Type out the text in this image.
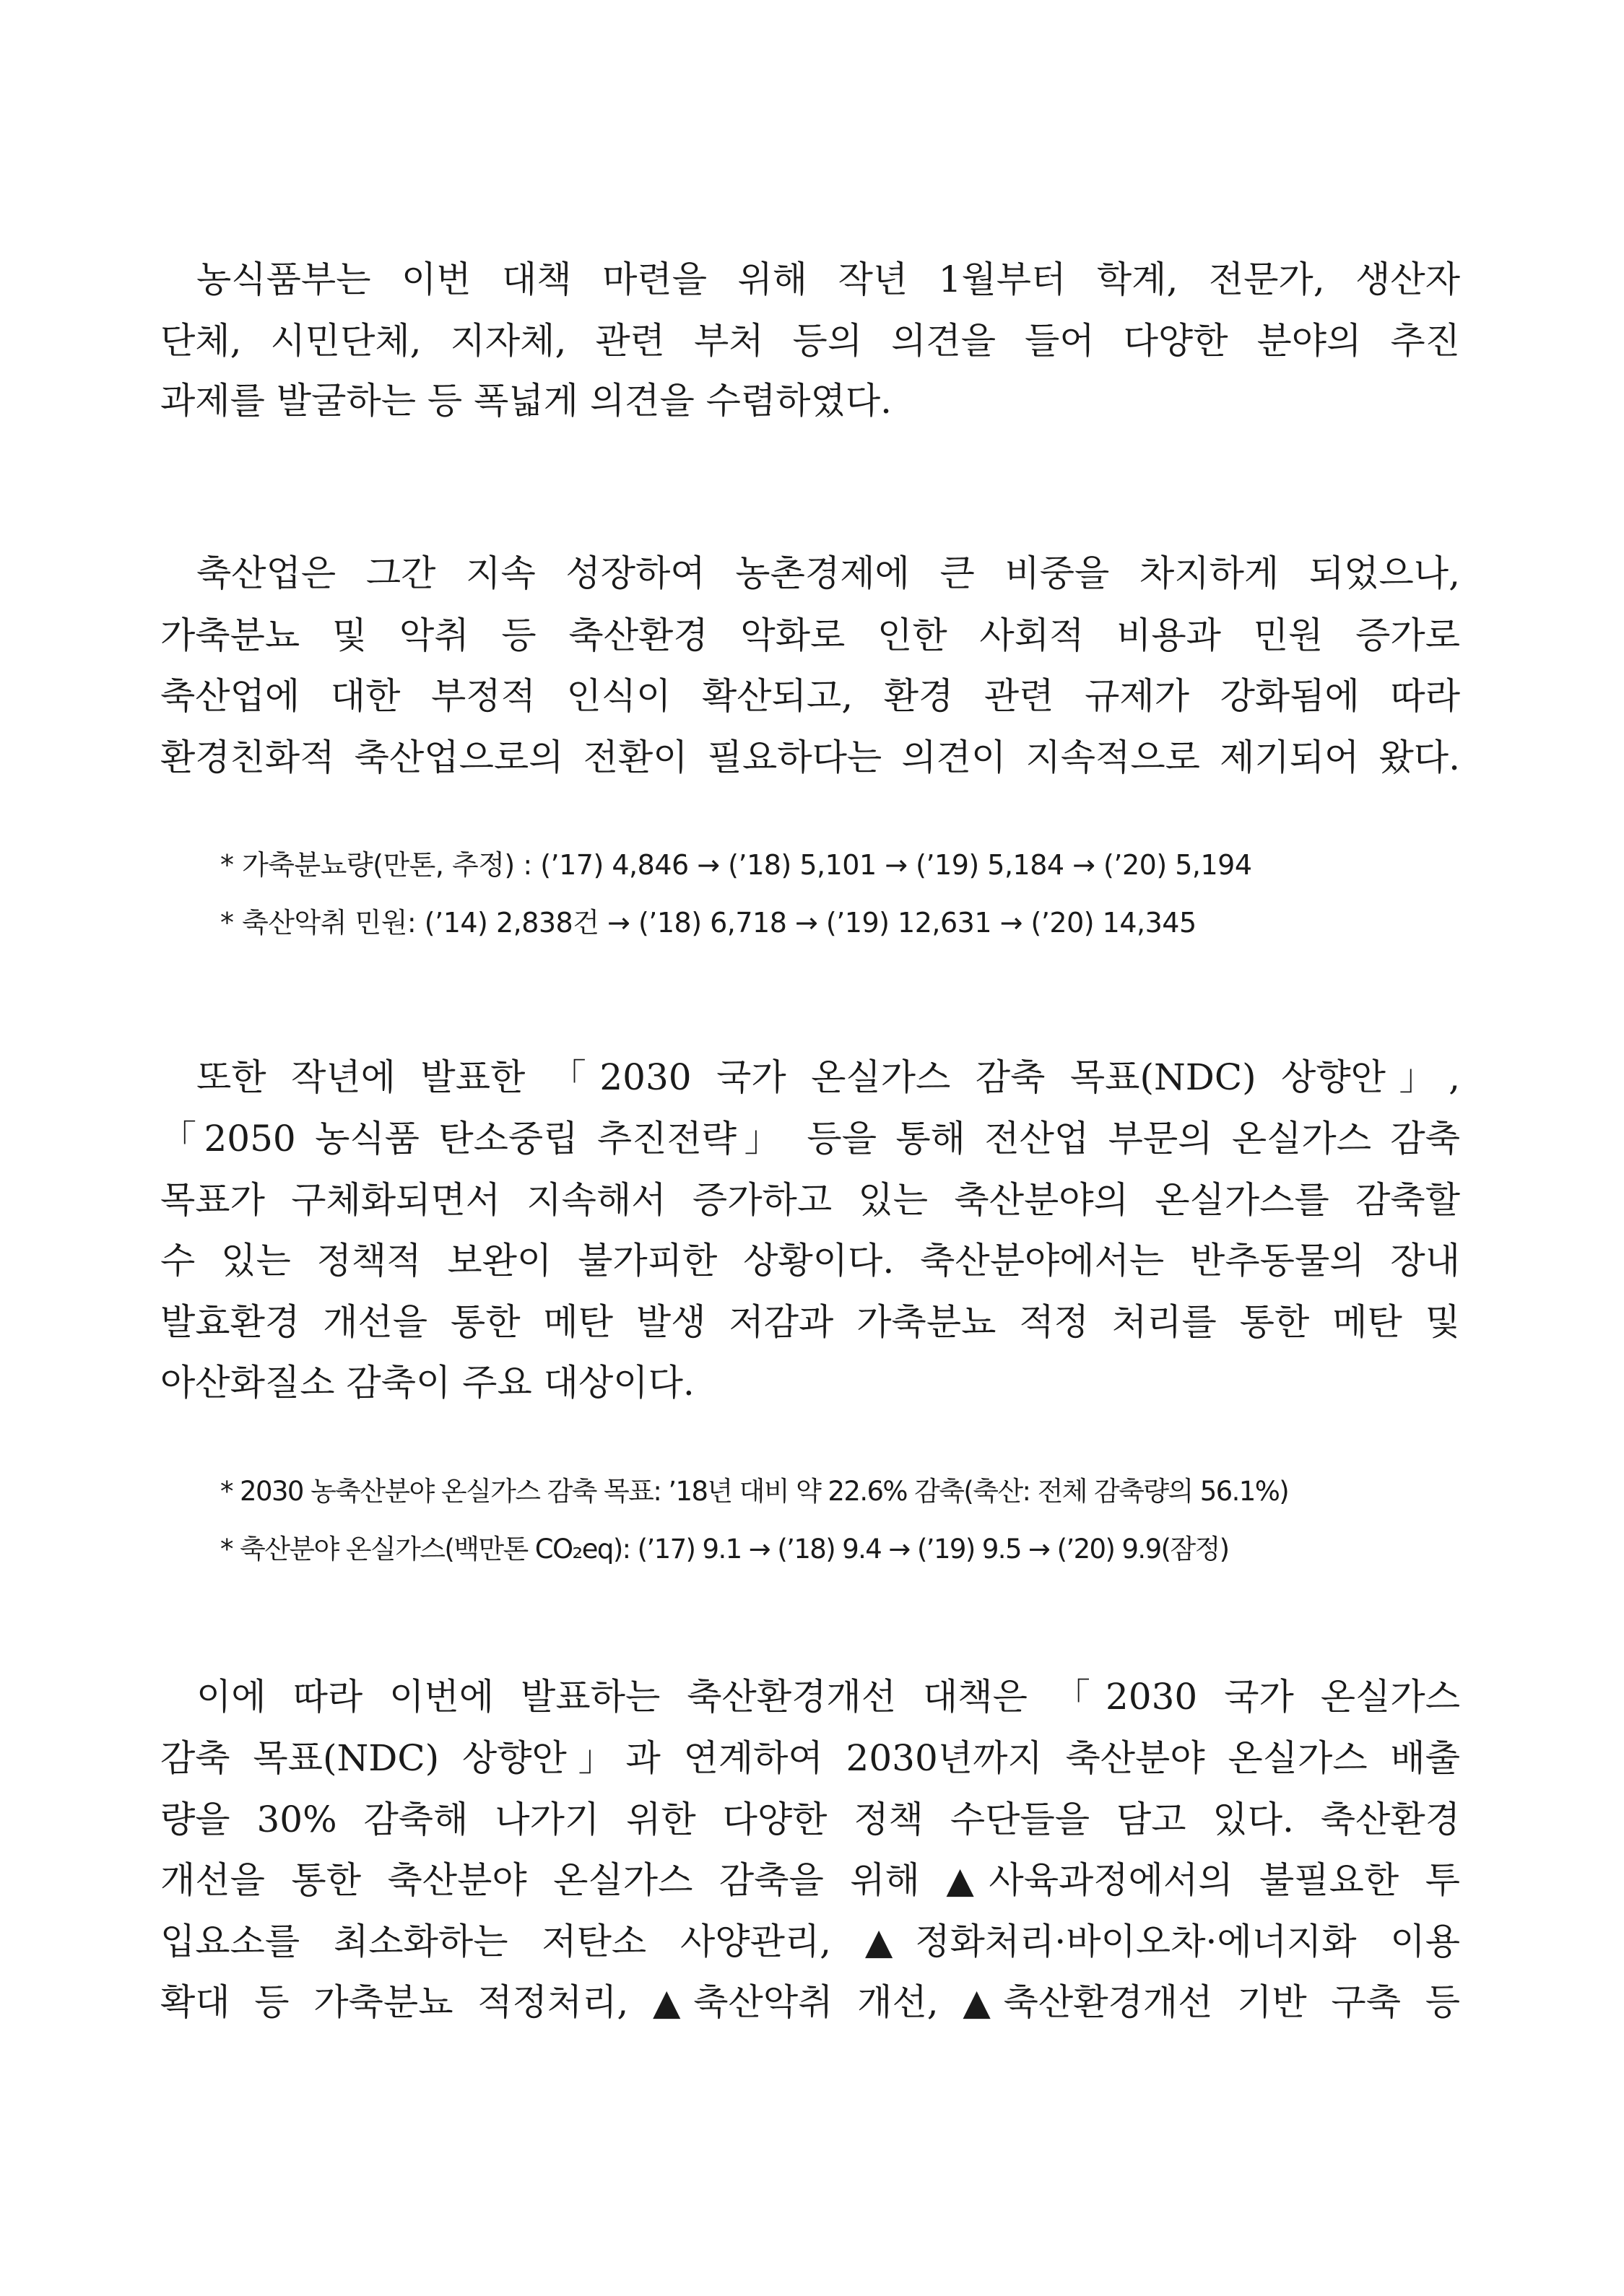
농식품부는 이번 대책 마련을 위해 작년 1월부터 학계, 전문가, 생산자
단체, 시민단체, 지자체, 관련 부처 등의 의견을 들어 다양한 분야의 추진
과제를 발굴하는 등 폭넓게 의견을 수렴하였다.
축산업은 그간 지속 성장하여 농촌경제에 큰 비중을 차지하게 되었으나,
가축분뇨 및 악취 등 축산환경 악화로 인한 사회적 비용과 민원 증가로
축산업에 대한 부정적 인식이 확산되고, 환경 관련 규제가 강화됨에 따라
환경친화적 축산업으로의 전환이 필요하다는 의견이 지속적으로 제기되어 왔다.
* 가축분뇨량(만톤, 추정) : (’17) 4,846 → (’18) 5,101 → (’19) 5,184 → (’20) 5,194
* 축산악취 민원: (’14) 2,838건 → (’18) 6,718 → (’19) 12,631 → (’20) 14,345
또한 작년에 발표한 「2030 국가 온실가스 감축 목표(NDC) 상향안」,
「2050 농식품 탄소중립 추진전략」 등을 통해 전산업 부문의 온실가스 감축
목표가 구체화되면서 지속해서 증가하고 있는 축산분야의 온실가스를 감축할
수 있는 정책적 보완이 불가피한 상황이다. 축산분야에서는 반추동물의 장내
발효환경 개선을 통한 메탄 발생 저감과 가축분뇨 적정 처리를 통한 메탄 및
아산화질소 감축이 주요 대상이다.
* 2030 농축산분야 온실가스 감축 목표: ’18년 대비 약 22.6% 감축(축산: 전체 감축량의 56.1%)
* 축산분야 온실가스(백만톤 CO₂eq): (’17) 9.1 → (’18) 9.4 → (’19) 9.5 → (’20) 9.9(잠정)
이에 따라 이번에 발표하는 축산환경개선 대책은 「2030 국가 온실가스
감축 목표(NDC) 상향안」과 연계하여 2030년까지 축산분야 온실가스 배출
량을 30% 감축해 나가기 위한 다양한 정책 수단들을 담고 있다. 축산환경
개선을 통한 축산분야 온실가스 감축을 위해 ▲사육과정에서의 불필요한 투
입요소를 최소화하는 저탄소 사양관리, ▲정화처리·바이오차·에너지화 이용
확대 등 가축분뇨 적정처리, ▲축산악취 개선, ▲축산환경개선 기반 구축 등
